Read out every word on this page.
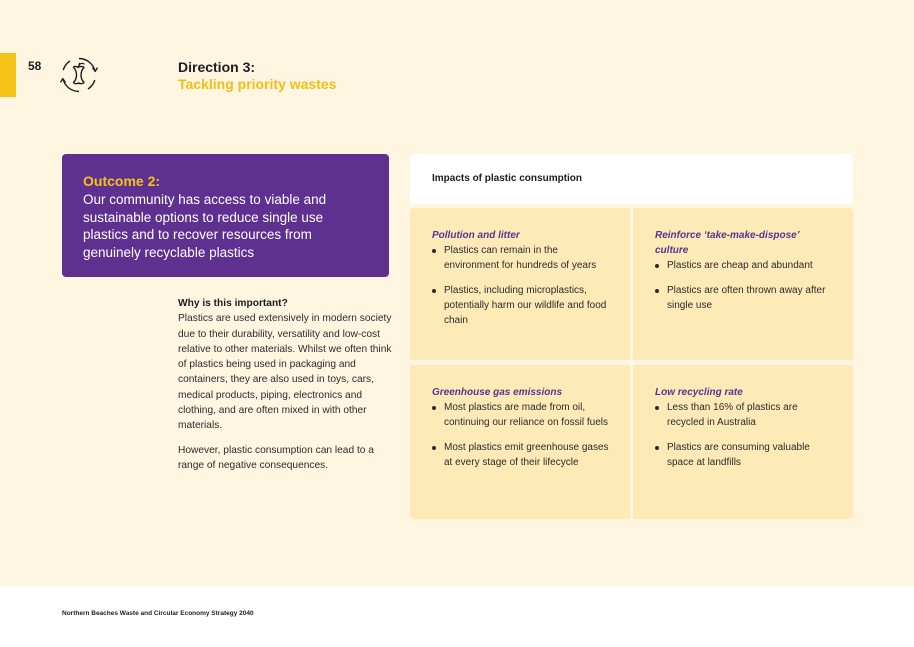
58	Direction 3:
Tackling priority wastes
Outcome 2:
Our community has access to viable and sustainable options to reduce single use plastics and to recover resources from genuinely recyclable plastics
Why is this important?

Plastics are used extensively in modern society due to their durability, versatility and low-cost relative to other materials. Whilst we often think of plastics being used in packaging and containers, they are also used in toys, cars, medical products, piping, electronics and clothing, and are often mixed in with other materials.

However, plastic consumption can lead to a range of negative consequences.

Impacts of plastic consumption
Pollution and litter
Plastics can remain in the environment for hundreds of years
Plastics, including microplastics, potentially harm our wildlife and food chain
Reinforce ‘take-make-dispose’ culture
Plastics are cheap and abundant
Plastics are often thrown away after single use
Greenhouse gas emissions
Most plastics are made from oil, continuing our reliance on fossil fuels
Most plastics emit greenhouse gases at every stage of their lifecycle
Low recycling rate
Less than 16% of plastics are recycled in Australia
Plastics are consuming valuable space at landfills
Northern Beaches Waste and Circular Economy Strategy 2040
